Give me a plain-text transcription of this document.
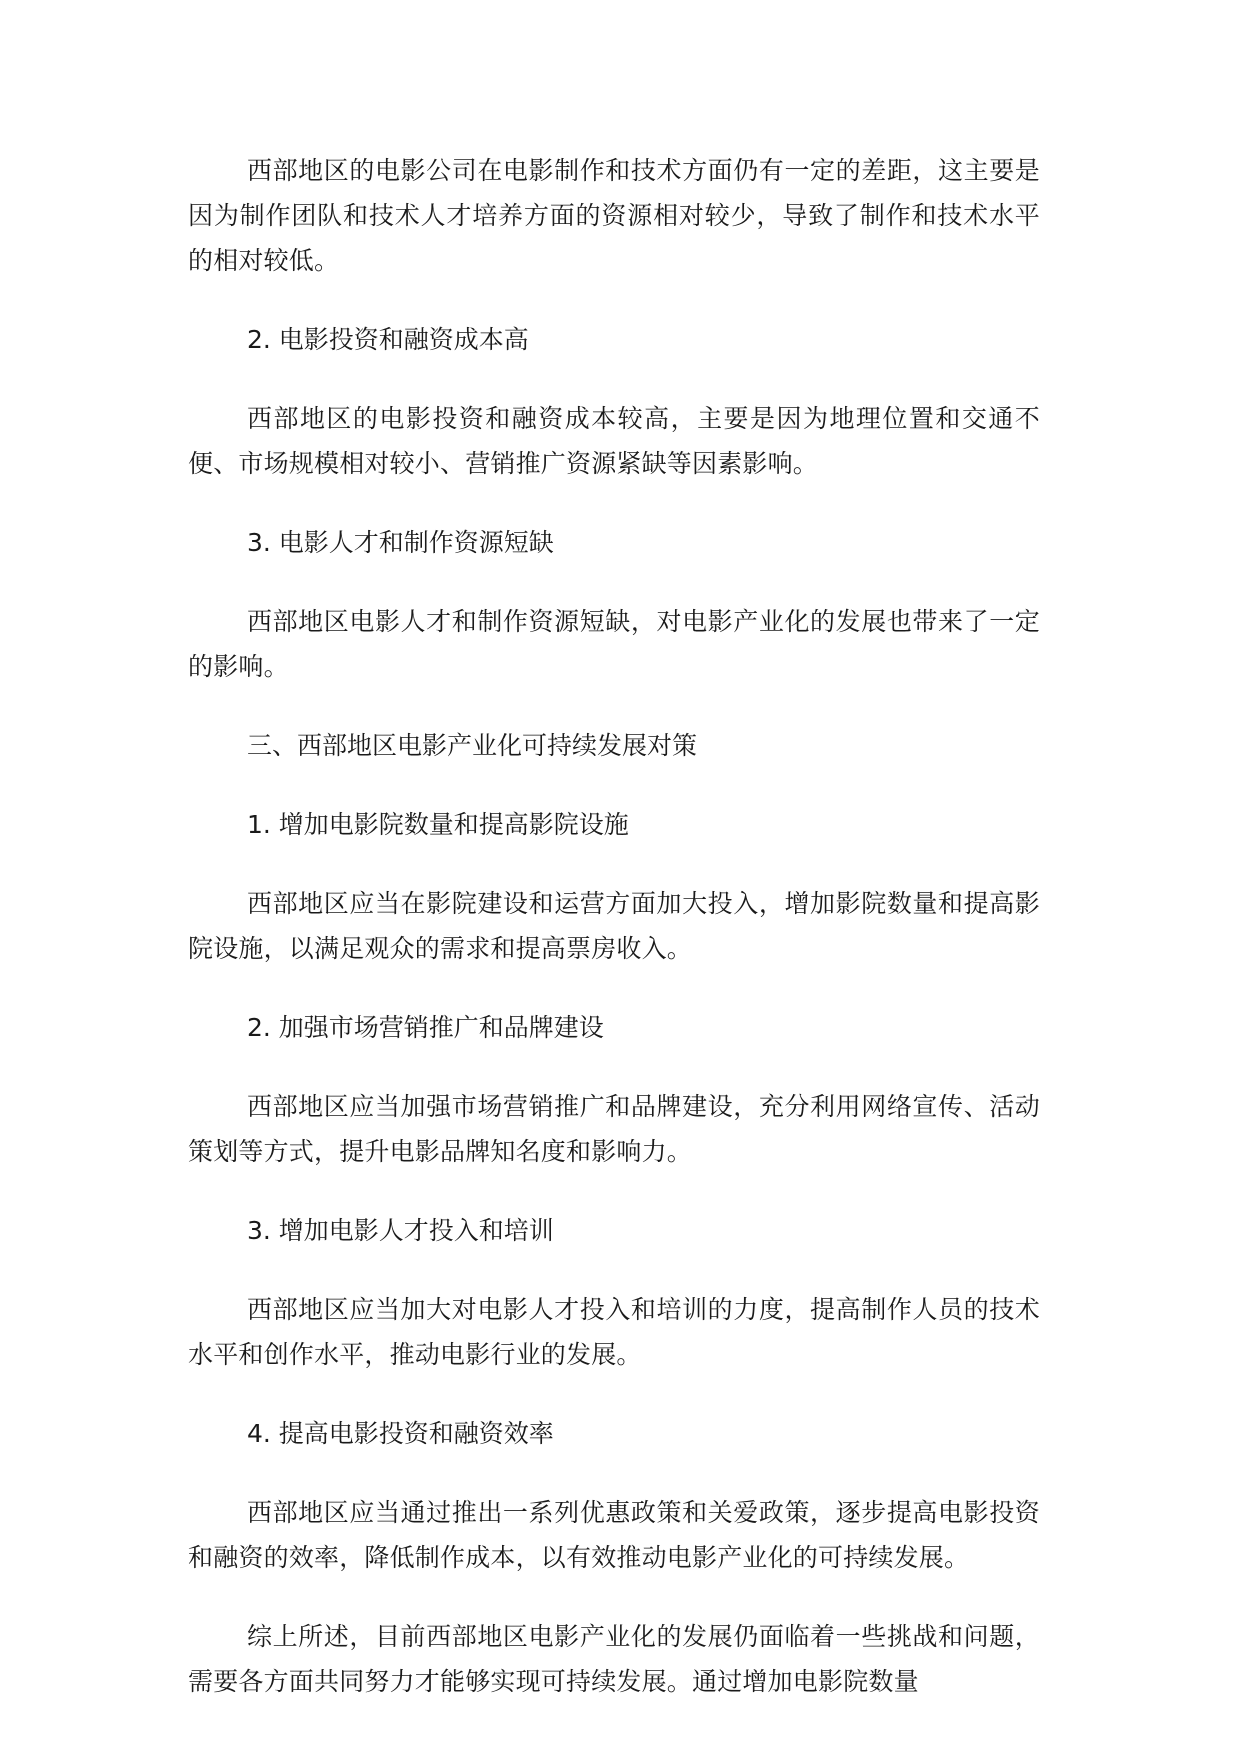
西部地区的电影公司在电影制作和技术方面仍有一定的差距，这主要是因为制作团队和技术人才培养方面的资源相对较少，导致了制作和技术水平的相对较低。

2. 电影投资和融资成本高

西部地区的电影投资和融资成本较高，主要是因为地理位置和交通不便、市场规模相对较小、营销推广资源紧缺等因素影响。

3. 电影人才和制作资源短缺

西部地区电影人才和制作资源短缺，对电影产业化的发展也带来了一定的影响。

三、西部地区电影产业化可持续发展对策

1. 增加电影院数量和提高影院设施

西部地区应当在影院建设和运营方面加大投入，增加影院数量和提高影院设施，以满足观众的需求和提高票房收入。

2. 加强市场营销推广和品牌建设

西部地区应当加强市场营销推广和品牌建设，充分利用网络宣传、活动策划等方式，提升电影品牌知名度和影响力。

3. 增加电影人才投入和培训

西部地区应当加大对电影人才投入和培训的力度，提高制作人员的技术水平和创作水平，推动电影行业的发展。

4. 提高电影投资和融资效率

西部地区应当通过推出一系列优惠政策和关爱政策，逐步提高电影投资和融资的效率，降低制作成本，以有效推动电影产业化的可持续发展。

综上所述，目前西部地区电影产业化的发展仍面临着一些挑战和问题，需要各方面共同努力才能够实现可持续发展。通过增加电影院数量
